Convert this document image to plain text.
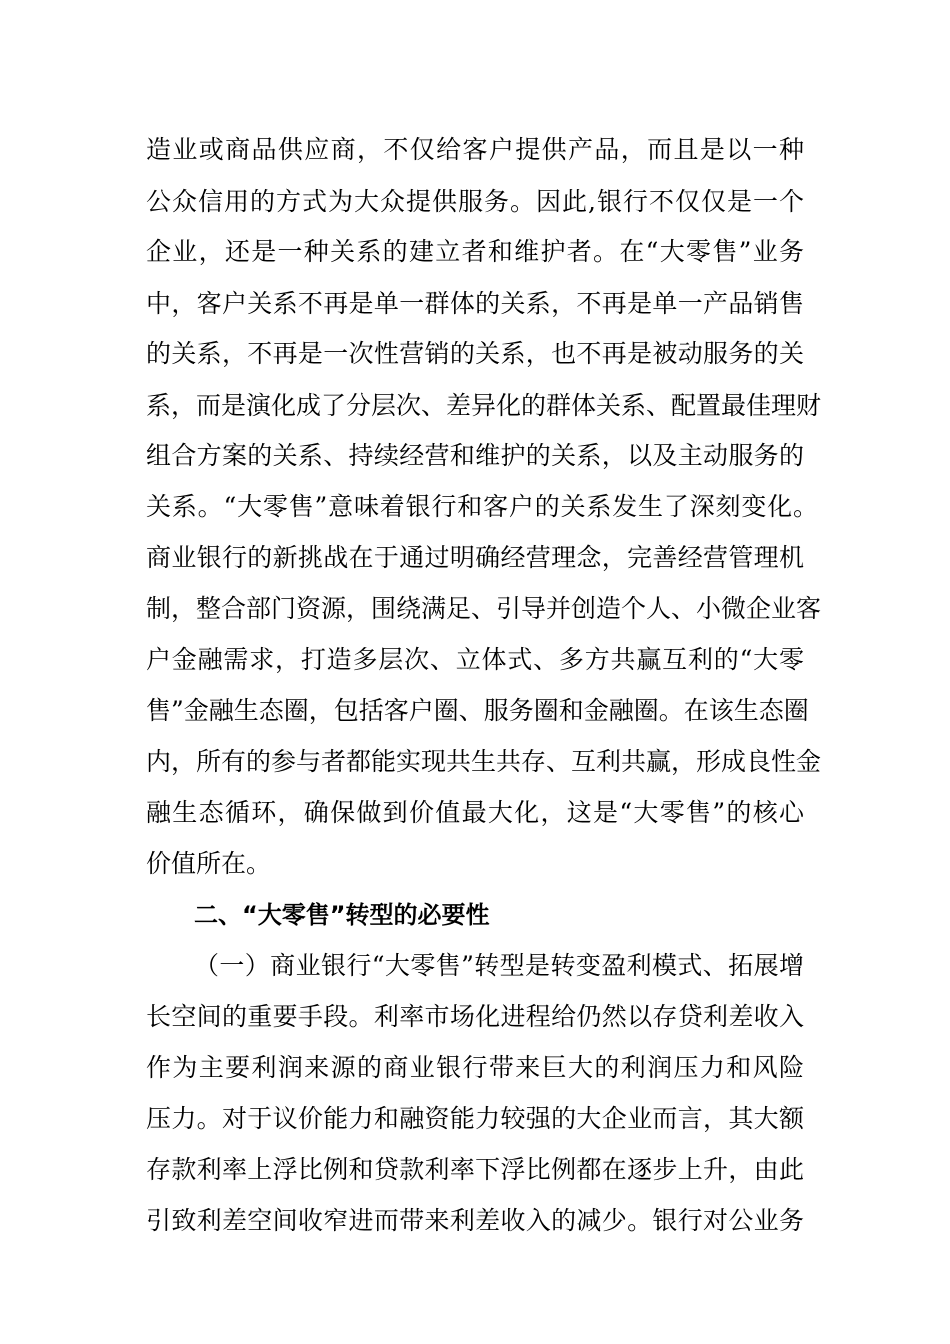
造业或商品供应商，不仅给客户提供产品，而且是以一种
公众信用的方式为大众提供服务。因此,银行不仅仅是一个
企业，还是一种关系的建立者和维护者。在“大零售”业务
中，客户关系不再是单一群体的关系，不再是单一产品销售
的关系，不再是一次性营销的关系，也不再是被动服务的关
系，而是演化成了分层次、差异化的群体关系、配置最佳理财
组合方案的关系、持续经营和维护的关系，以及主动服务的
关系。“大零售”意味着银行和客户的关系发生了深刻变化。
商业银行的新挑战在于通过明确经营理念，完善经营管理机
制，整合部门资源，围绕满足、引导并创造个人、小微企业客
户金融需求，打造多层次、立体式、多方共赢互利的“大零
售”金融生态圈，包括客户圈、服务圈和金融圈。在该生态圈
内，所有的参与者都能实现共生共存、互利共赢，形成良性金
融生态循环，确保做到价值最大化，这是“大零售”的核心
价值所在。
二、“大零售”转型的必要性
（一）商业银行“大零售”转型是转变盈利模式、拓展增
长空间的重要手段。利率市场化进程给仍然以存贷利差收入
作为主要利润来源的商业银行带来巨大的利润压力和风险
压力。对于议价能力和融资能力较强的大企业而言，其大额
存款利率上浮比例和贷款利率下浮比例都在逐步上升，由此
引致利差空间收窄进而带来利差收入的减少。银行对公业务
